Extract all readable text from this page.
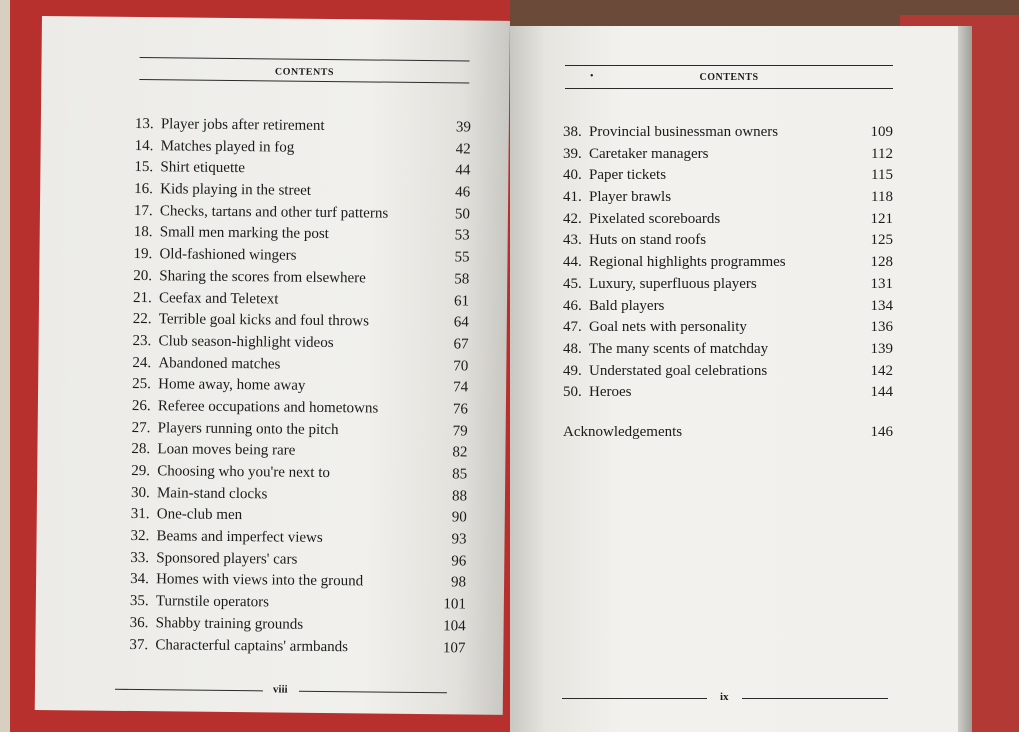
CONTENTS
13. Player jobs after retirement	39
14. Matches played in fog	42
15. Shirt etiquette	44
16. Kids playing in the street	46
17. Checks, tartans and other turf patterns	50
18. Small men marking the post	53
19. Old-fashioned wingers	55
20. Sharing the scores from elsewhere	58
21. Ceefax and Teletext	61
22. Terrible goal kicks and foul throws	64
23. Club season-highlight videos	67
24. Abandoned matches	70
25. Home away, home away	74
26. Referee occupations and hometowns	76
27. Players running onto the pitch	79
28. Loan moves being rare	82
29. Choosing who you're next to	85
30. Main-stand clocks	88
31. One-club men	90
32. Beams and imperfect views	93
33. Sponsored players' cars	96
34. Homes with views into the ground	98
35. Turnstile operators	101
36. Shabby training grounds	104
37. Characterful captains' armbands	107
viii
•	CONTENTS
38. Provincial businessman owners	109
39. Caretaker managers	112
40. Paper tickets	115
41. Player brawls	118
42. Pixelated scoreboards	121
43. Huts on stand roofs	125
44. Regional highlights programmes	128
45. Luxury, superfluous players	131
46. Bald players	134
47. Goal nets with personality	136
48. The many scents of matchday	139
49. Understated goal celebrations	142
50. Heroes	144
Acknowledgements	146
ix
